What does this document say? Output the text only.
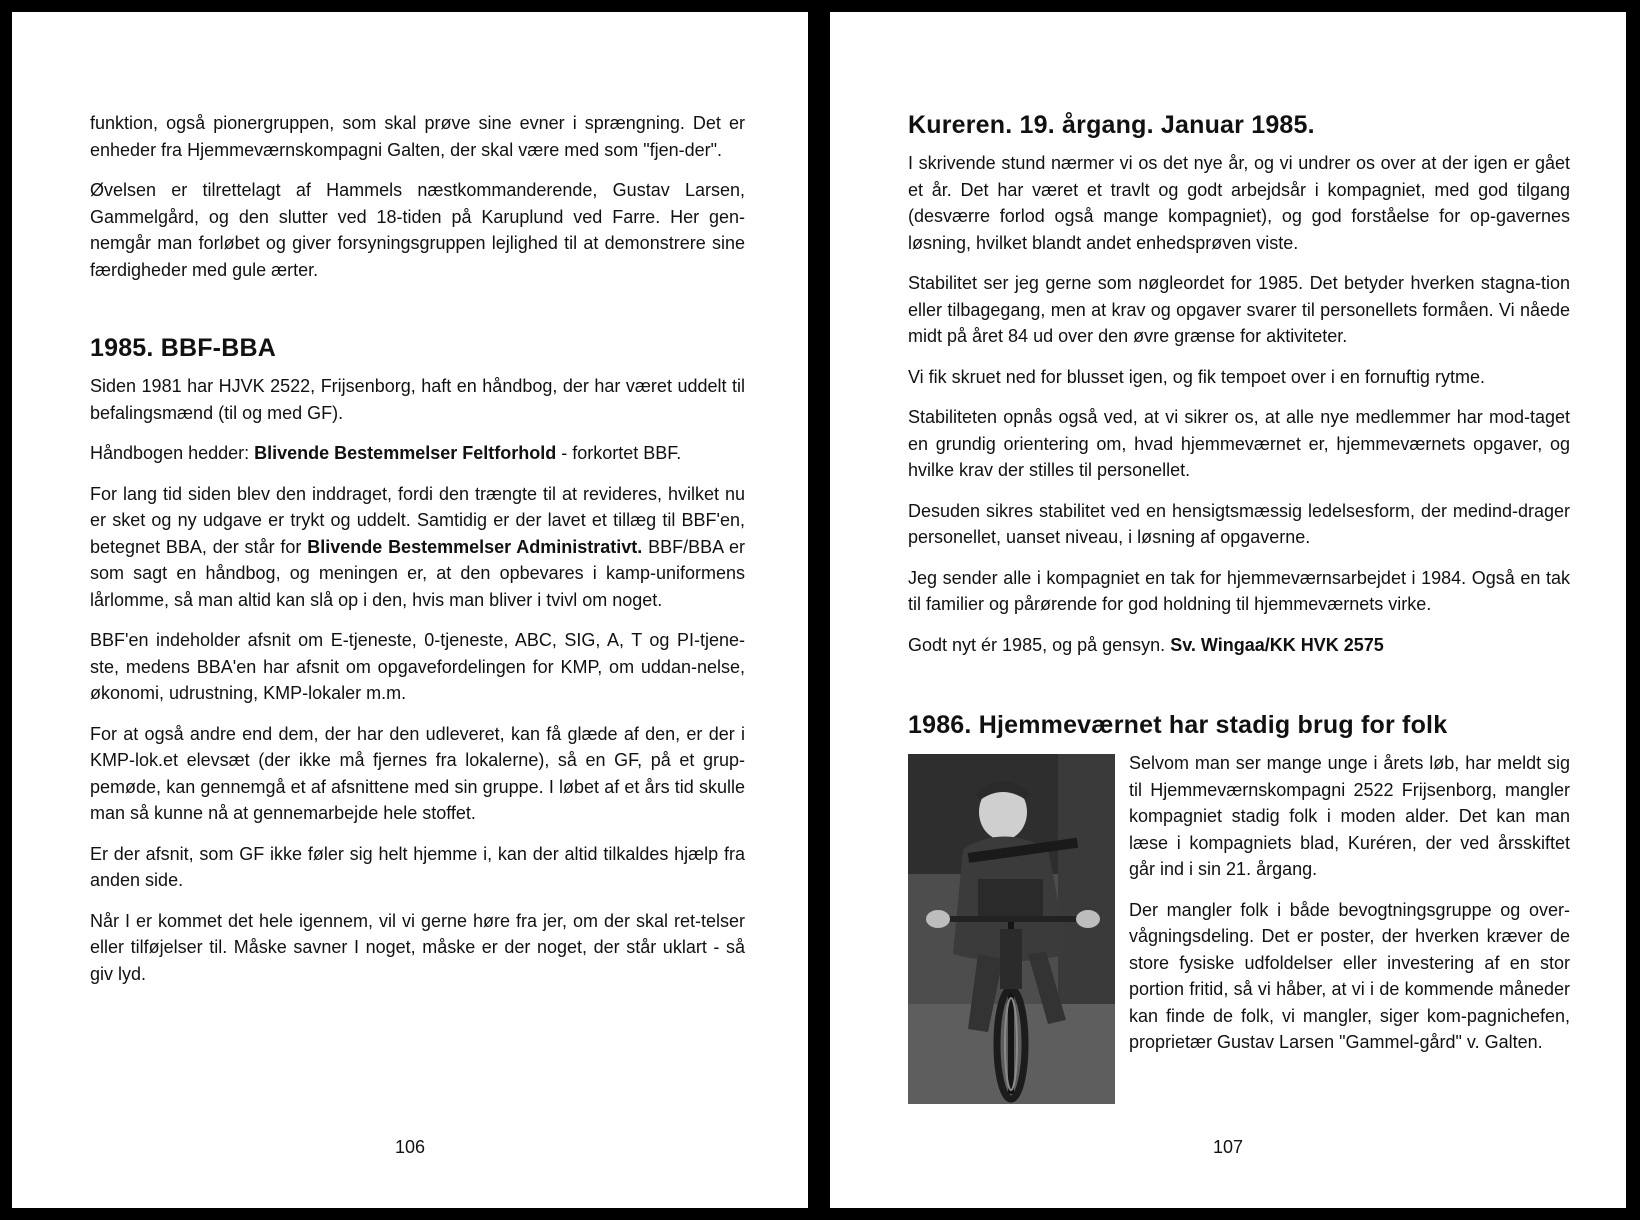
funktion, også pionergruppen, som skal prøve sine evner i sprængning. Det er enheder fra Hjemmeværnskompagni Galten, der skal være med som "fjen-der".

Øvelsen er tilrettelagt af Hammels næstkommanderende, Gustav Larsen, Gammelgård, og den slutter ved 18-tiden på Karuplund ved Farre. Her gen-nemgår man forløbet og giver forsyningsgruppen lejlighed til at demonstrere sine færdigheder med gule ærter.

1985. BBF-BBA

Siden 1981 har HJVK 2522, Frijsenborg, haft en håndbog, der har været uddelt til befalingsmænd (til og med GF).

Håndbogen hedder: Blivende Bestemmelser Feltforhold - forkortet BBF.

For lang tid siden blev den inddraget, fordi den trængte til at revideres, hvilket nu er sket og ny udgave er trykt og uddelt. Samtidig er der lavet et tillæg til BBF'en, betegnet BBA, der står for Blivende Bestemmelser Administrativt. BBF/BBA er som sagt en håndbog, og meningen er, at den opbevares i kamp-uniformens lårlomme, så man altid kan slå op i den, hvis man bliver i tvivl om noget.

BBF'en indeholder afsnit om E-tjeneste, 0-tjeneste, ABC, SIG, A, T og PI-tjene-ste, medens BBA'en har afsnit om opgavefordelingen for KMP, om uddan-nelse, økonomi, udrustning, KMP-lokaler m.m.

For at også andre end dem, der har den udleveret, kan få glæde af den, er der i KMP-lok.et elevsæt (der ikke må fjernes fra lokalerne), så en GF, på et grup-pemøde, kan gennemgå et af afsnittene med sin gruppe. I løbet af et års tid skulle man så kunne nå at gennemarbejde hele stoffet.

Er der afsnit, som GF ikke føler sig helt hjemme i, kan der altid tilkaldes hjælp fra anden side.

Når I er kommet det hele igennem, vil vi gerne høre fra jer, om der skal ret-telser eller tilføjelser til. Måske savner I noget, måske er der noget, der står uklart - så giv lyd.

106
Kureren. 19. årgang. Januar 1985.

I skrivende stund nærmer vi os det nye år, og vi undrer os over at der igen er gået et år. Det har været et travlt og godt arbejdsår i kompagniet, med god tilgang (desværre forlod også mange kompagniet), og god forståelse for op-gavernes løsning, hvilket blandt andet enhedsprøven viste.

Stabilitet ser jeg gerne som nøgleordet for 1985. Det betyder hverken stagna-tion eller tilbagegang, men at krav og opgaver svarer til personellets formåen. Vi nåede midt på året 84 ud over den øvre grænse for aktiviteter.

Vi fik skruet ned for blusset igen, og fik tempoet over i en fornuftig rytme.

Stabiliteten opnås også ved, at vi sikrer os, at alle nye medlemmer har mod-taget en grundig orientering om, hvad hjemmeværnet er, hjemmeværnets opgaver, og hvilke krav der stilles til personellet.

Desuden sikres stabilitet ved en hensigtsmæssig ledelsesform, der medind-drager personellet, uanset niveau, i løsning af opgaverne.

Jeg sender alle i kompagniet en tak for hjemmeværnsarbejdet i 1984. Også en tak til familier og pårørende for god holdning til hjemmeværnets virke.

Godt nyt ér 1985, og på gensyn. Sv. Wingaa/KK HVK 2575

1986. Hjemmeværnet har stadig brug for folk

Selvom man ser mange unge i årets løb, har meldt sig til Hjemmeværnskompagni 2522 Frijsenborg, mangler kompagniet stadig folk i moden alder. Det kan man læse i kompagniets blad, Kuréren, der ved årsskiftet går ind i sin 21. årgang.

Der mangler folk i både bevogtningsgruppe og over-vågningsdeling. Det er poster, der hverken kræver de store fysiske udfoldelser eller investering af en stor portion fritid, så vi håber, at vi i de kommende måneder kan finde de folk, vi mangler, siger kom-pagnichefen, proprietær Gustav Larsen "Gammel-gård" v. Galten.

107
